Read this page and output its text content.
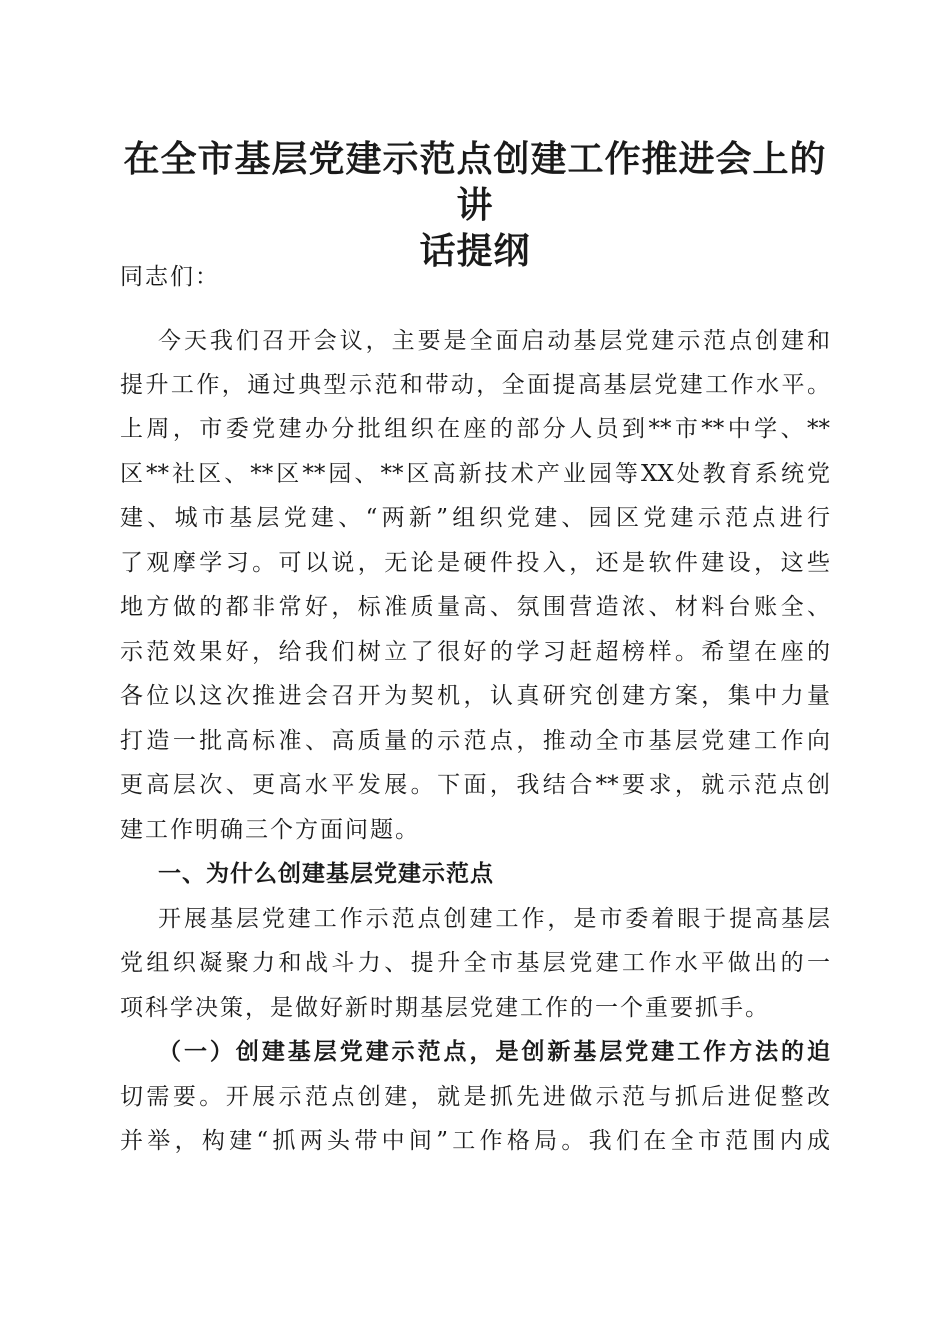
在全市基层党建示范点创建工作推进会上的讲
话提纲
同志们：
今天我们召开会议，主要是全面启动基层党建示范点创建和
提升工作，通过典型示范和带动，全面提高基层党建工作水平。
上周，市委党建办分批组织在座的部分人员到**市**中学、**
区**社区、**区**园、**区高新技术产业园等XX处教育系统党
建、城市基层党建、“两新”组织党建、园区党建示范点进行
了观摩学习。可以说，无论是硬件投入，还是软件建设，这些
地方做的都非常好，标准质量高、氛围营造浓、材料台账全、
示范效果好，给我们树立了很好的学习赶超榜样。希望在座的
各位以这次推进会召开为契机，认真研究创建方案，集中力量
打造一批高标准、高质量的示范点，推动全市基层党建工作向
更高层次、更高水平发展。下面，我结合**要求，就示范点创
建工作明确三个方面问题。
一、为什么创建基层党建示范点
开展基层党建工作示范点创建工作，是市委着眼于提高基层
党组织凝聚力和战斗力、提升全市基层党建工作水平做出的一
项科学决策，是做好新时期基层党建工作的一个重要抓手。
（一）创建基层党建示范点，是创新基层党建工作方法的迫
切需要。开展示范点创建，就是抓先进做示范与抓后进促整改
并举，构建“抓两头带中间”工作格局。我们在全市范围内成
